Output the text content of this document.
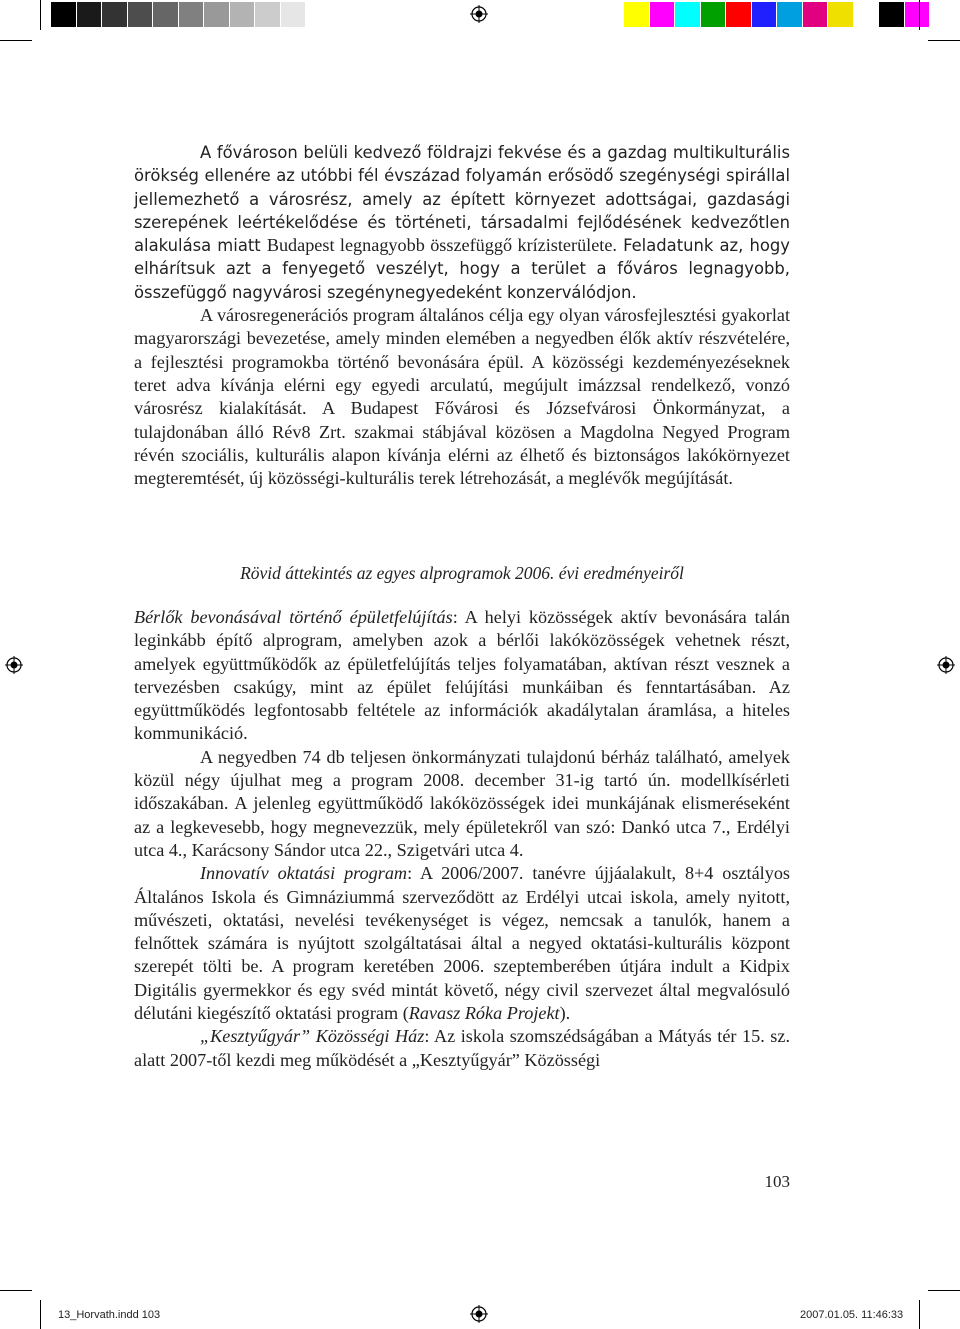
A fővároson belüli kedvező földrajzi fekvése és a gazdag multikulturális örökség ellenére az utóbbi fél évszázad folyamán erősödő szegénységi spirállal jellemezhető a városrész, amely az épített környezet adottságai, gazdasági szerepének leértékelődése és történeti, társadalmi fejlődésének kedvezőtlen alakulása miatt Budapest legnagyobb összefüggő krízisterülete. Feladatunk az, hogy elhárítsuk azt a fenyegető veszélyt, hogy a terület a főváros legnagyobb, összefüggő nagyvárosi szegénynegyedeként konzerválódjon.

A városregenerációs program általános célja egy olyan városfejlesztési gyakorlat magyarországi bevezetése, amely minden elemében a negyedben élők aktív részvételére, a fejlesztési programokba történő bevonására épül. A közösségi kezdeményezéseknek teret adva kívánja elérni egy egyedi arculatú, megújult imázzsal rendelkező, vonzó városrész kialakítását. A Budapest Fővárosi és Józsefvárosi Önkormányzat, a tulajdonában álló Rév8 Zrt. szakmai stábjával közösen a Magdolna Negyed Program révén szociális, kulturális alapon kívánja elérni az élhető és biztonságos lakókörnyezet megteremtését, új közösségi-kulturális terek létrehozását, a meglévők megújítását.

Rövid áttekintés az egyes alprogramok 2006. évi eredményeiről

Bérlők bevonásával történő épületfelújítás: A helyi közösségek aktív bevonására talán leginkább építő alprogram, amelyben azok a bérlői lakóközösségek vehetnek részt, amelyek együttműködők az épületfelújítás teljes folyamatában, aktívan részt vesznek a tervezésben csakúgy, mint az épület felújítási munkáiban és fenntartásában. Az együttműködés legfontosabb feltétele az információk akadálytalan áramlása, a hiteles kommunikáció.

A negyedben 74 db teljesen önkormányzati tulajdonú bérház található, amelyek közül négy újulhat meg a program 2008. december 31-ig tartó ún. modellkísérleti időszakában. A jelenleg együttműködő lakóközösségek idei munkájának elismeréseként az a legkevesebb, hogy megnevezzük, mely épületekről van szó: Dankó utca 7., Erdélyi utca 4., Karácsony Sándor utca 22., Szigetvári utca 4.

Innovatív oktatási program: A 2006/2007. tanévre újjáalakult, 8+4 osztályos Általános Iskola és Gimnáziummá szerveződött az Erdélyi utcai iskola, amely nyitott, művészeti, oktatási, nevelési tevékenységet is végez, nemcsak a tanulók, hanem a felnőttek számára is nyújtott szolgáltatásai által a negyed oktatási-kulturális központ szerepét tölti be. A program keretében 2006. szeptemberében útjára indult a Kidpix Digitális gyermekkor és egy svéd mintát követő, négy civil szervezet által megvalósuló délutáni kiegészítő oktatási program (Ravasz Róka Projekt).

„Kesztyűgyár” Közösségi Ház: Az iskola szomszédságában a Mátyás tér 15. sz. alatt 2007-től kezdi meg működését a „Kesztyűgyár” Közösségi

103
13_Horvath.indd 103	2007.01.05. 11:46:33
